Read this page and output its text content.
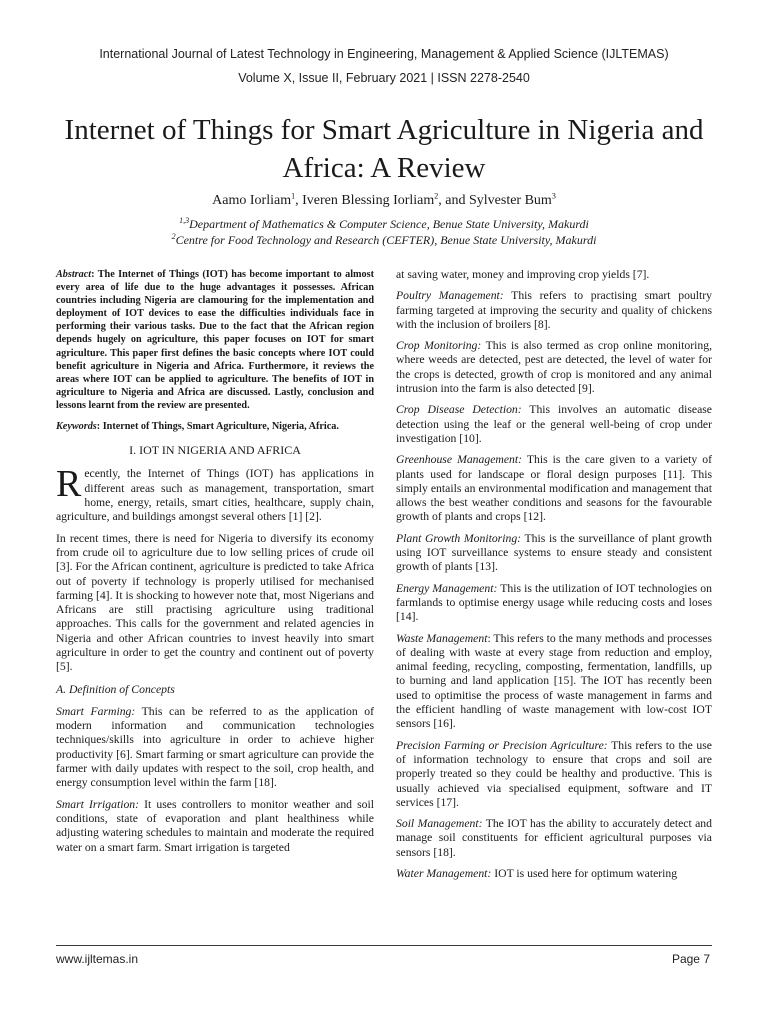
International Journal of Latest Technology in Engineering, Management & Applied Science (IJLTEMAS)
Volume X, Issue II, February 2021 | ISSN 2278-2540
Internet of Things for Smart Agriculture in Nigeria and Africa: A Review
Aamo Iorliam$^1$, Iveren Blessing Iorliam$^2$, and Sylvester Bum$^3$
$^{1,3}$Department of Mathematics & Computer Science, Benue State University, Makurdi
$^2$Centre for Food Technology and Research (CEFTER), Benue State University, Makurdi

Abstract: The Internet of Things (IOT) has become important to almost every area of life due to the huge advantages it possesses. African countries including Nigeria are clamouring for the implementation and deployment of IOT devices to ease the difficulties individuals face in performing their various tasks. Due to the fact that the African region depends hugely on agriculture, this paper focuses on IOT for smart agriculture. This paper first defines the basic concepts where IOT could benefit agriculture in Nigeria and Africa. Furthermore, it reviews the areas where IOT can be applied to agriculture. The benefits of IOT in agriculture to Nigeria and Africa are discussed. Lastly, conclusion and lessons learnt from the review are presented.

Keywords: Internet of Things, Smart Agriculture, Nigeria, Africa.

I. IOT IN NIGERIA AND AFRICA

Recently, the Internet of Things (IOT) has applications in different areas such as management, transportation, smart home, energy, retails, smart cities, healthcare, supply chain, agriculture, and buildings amongst several others [1] [2].

In recent times, there is need for Nigeria to diversify its economy from crude oil to agriculture due to low selling prices of crude oil [3]. For the African continent, agriculture is predicted to take Africa out of poverty if technology is properly utilised for mechanised farming [4]. It is shocking to however note that, most Nigerians and Africans are still practising agriculture using traditional approaches. This calls for the government and related agencies in Nigeria and other African countries to invest heavily into smart agriculture in order to get the country and continent out of poverty [5].

A. Definition of Concepts

Smart Farming: This can be referred to as the application of modern information and communication technologies techniques/skills into agriculture in order to achieve higher productivity [6]. Smart farming or smart agriculture can provide the farmer with daily updates with respect to the soil, crop health, and energy consumption level within the farm [18].

Smart Irrigation: It uses controllers to monitor weather and soil conditions, state of evaporation and plant healthiness while adjusting watering schedules to maintain and moderate the required water on a smart farm. Smart irrigation is targeted

at saving water, money and improving crop yields [7].

Poultry Management: This refers to practising smart poultry farming targeted at improving the security and quality of chickens with the inclusion of broilers [8].

Crop Monitoring: This is also termed as crop online monitoring, where weeds are detected, pest are detected, the level of water for the crops is detected, growth of crop is monitored and any animal intrusion into the farm is also detected [9].

Crop Disease Detection: This involves an automatic disease detection using the leaf or the general well-being of crop under investigation [10].

Greenhouse Management: This is the care given to a variety of plants used for landscape or floral design purposes [11]. This simply entails an environmental modification and management that allows the best weather conditions and seasons for the favourable growth of plants and crops [12].

Plant Growth Monitoring: This is the surveillance of plant growth using IOT surveillance systems to ensure steady and consistent growth of plants [13].

Energy Management: This is the utilization of IOT technologies on farmlands to optimise energy usage while reducing costs and loses [14].

Waste Management: This refers to the many methods and processes of dealing with waste at every stage from reduction and employ, animal feeding, recycling, composting, fermentation, landfills, up to burning and land application [15]. The IOT has recently been used to optimitise the process of waste management in farms and the efficient handling of waste management with low-cost IOT sensors [16].

Precision Farming or Precision Agriculture: This refers to the use of information technology to ensure that crops and soil are properly treated so they could be healthy and productive. This is usually achieved via specialised equipment, software and IT services [17].

Soil Management: The IOT has the ability to accurately detect and manage soil constituents for efficient agricultural purposes via sensors [18].

Water Management: IOT is used here for optimum watering

www.ijltemas.in	Page 7
